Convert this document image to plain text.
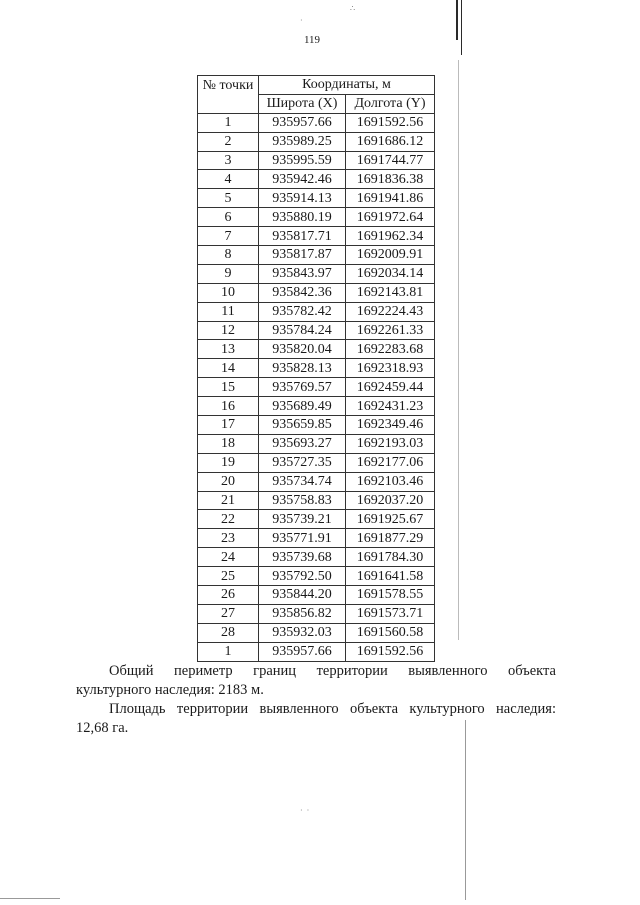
·
∴
· ·
119
№ точки	Координаты, м	
	Широта (X)	Долгота (Y)
1	935957.66	1691592.56
2	935989.25	1691686.12
3	935995.59	1691744.77
4	935942.46	1691836.38
5	935914.13	1691941.86
6	935880.19	1691972.64
7	935817.71	1691962.34
8	935817.87	1692009.91
9	935843.97	1692034.14
10	935842.36	1692143.81
11	935782.42	1692224.43
12	935784.24	1692261.33
13	935820.04	1692283.68
14	935828.13	1692318.93
15	935769.57	1692459.44
16	935689.49	1692431.23
17	935659.85	1692349.46
18	935693.27	1692193.03
19	935727.35	1692177.06
20	935734.74	1692103.46
21	935758.83	1692037.20
22	935739.21	1691925.67
23	935771.91	1691877.29
24	935739.68	1691784.30
25	935792.50	1691641.58
26	935844.20	1691578.55
27	935856.82	1691573.71
28	935932.03	1691560.58
1	935957.66	1691592.56
Общий периметр границ территории выявленного объекта
культурного наследия: 2183 м.
Площадь территории выявленного объекта культурного наследия:
12,68 га.
